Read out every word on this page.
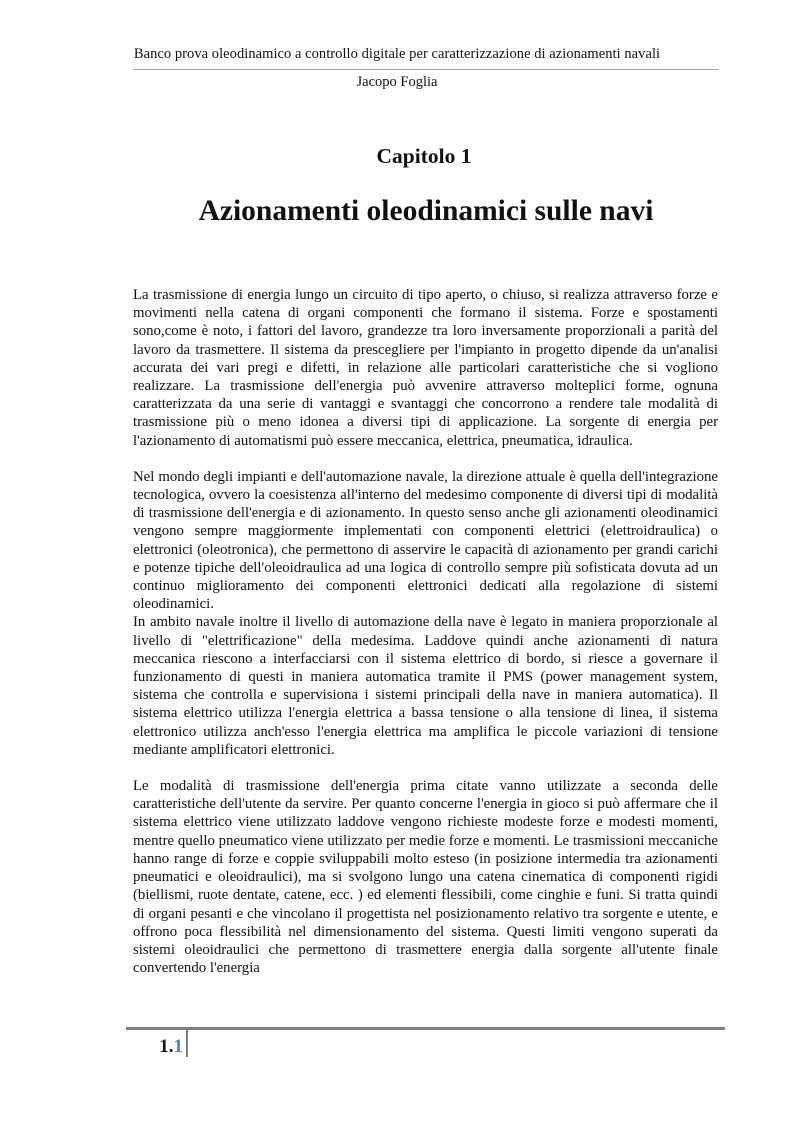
Banco prova oleodinamico a controllo digitale per caratterizzazione di azionamenti navali
Jacopo Foglia
Capitolo 1
Azionamenti oleodinamici sulle navi

La trasmissione di energia lungo un circuito di tipo aperto, o chiuso, si realizza attraverso forze e movimenti nella catena di organi componenti che formano il sistema. Forze e spostamenti sono,come è noto, i fattori del lavoro, grandezze tra loro inversamente proporzionali a parità del lavoro da trasmettere. Il sistema da prescegliere per l'impianto in progetto dipende da un'analisi accurata dei vari pregi e difetti, in relazione alle particolari caratteristiche che si vogliono realizzare. La trasmissione dell'energia può avvenire attraverso molteplici forme, ognuna caratterizzata da una serie di vantaggi e svantaggi che concorrono a rendere tale modalità di trasmissione più o meno idonea a diversi tipi di applicazione. La sorgente di energia per l'azionamento di automatismi può essere meccanica, elettrica, pneumatica, idraulica.

Nel mondo degli impianti e dell'automazione navale, la direzione attuale è quella dell'integrazione tecnologica, ovvero la coesistenza all'interno del medesimo componente di diversi tipi di modalità di trasmissione dell'energia e di azionamento. In questo senso anche gli azionamenti oleodinamici vengono sempre maggiormente implementati con componenti elettrici (elettroidraulica) o elettronici (oleotronica), che permettono di asservire le capacità di azionamento per grandi carichi e potenze tipiche dell'oleoidraulica ad una logica di controllo sempre più sofisticata dovuta ad un continuo miglioramento dei componenti elettronici dedicati alla regolazione di sistemi oleodinamici.

In ambito navale inoltre il livello di automazione della nave è legato in maniera proporzionale al livello di "elettrificazione" della medesima. Laddove quindi anche azionamenti di natura meccanica riescono a interfacciarsi con il sistema elettrico di bordo, si riesce a governare il funzionamento di questi in maniera automatica tramite il PMS (power management system, sistema che controlla e supervisiona i sistemi principali della nave in maniera automatica). Il sistema elettrico utilizza l'energia elettrica a bassa tensione o alla tensione di linea, il sistema elettronico utilizza anch'esso l'energia elettrica ma amplifica le piccole variazioni di tensione mediante amplificatori elettronici.

Le modalità di trasmissione dell'energia prima citate vanno utilizzate a seconda delle caratteristiche dell'utente da servire. Per quanto concerne l'energia in gioco si può affermare che il sistema elettrico viene utilizzato laddove vengono richieste modeste forze e modesti momenti, mentre quello pneumatico viene utilizzato per medie forze e momenti. Le trasmissioni meccaniche hanno range di forze e coppie sviluppabili molto esteso (in posizione intermedia tra azionamenti pneumatici e oleoidraulici), ma si svolgono lungo una catena cinematica di componenti rigidi (biellismi, ruote dentate, catene, ecc. ) ed elementi flessibili, come cinghie e funi. Si tratta quindi di organi pesanti e che vincolano il progettista nel posizionamento relativo tra sorgente e utente, e offrono poca flessibilità nel dimensionamento del sistema. Questi limiti vengono superati da sistemi oleoidraulici che permettono di trasmettere energia dalla sorgente all'utente finale convertendo l'energia

1.1
